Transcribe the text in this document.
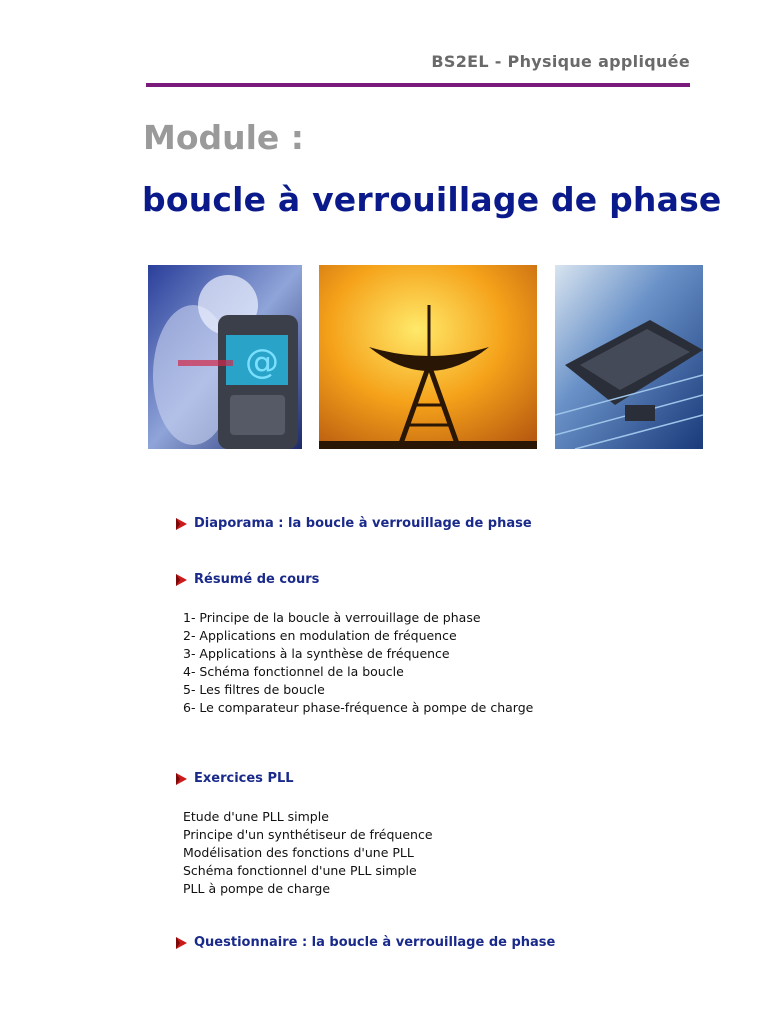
BS2EL - Physique appliquée
Module :
boucle à verrouillage de phase
@
Diaporama : la boucle à verrouillage de phase
Résumé de cours
1- Principe de la boucle à verrouillage de phase
2- Applications en modulation de fréquence
3- Applications à la synthèse de fréquence
4- Schéma fonctionnel de la boucle
5- Les filtres de boucle
6- Le comparateur phase-fréquence à pompe de charge
Exercices PLL
Etude d'une PLL simple
Principe d'un synthétiseur de fréquence
Modélisation des fonctions d'une PLL
Schéma fonctionnel d'une PLL simple
PLL à pompe de charge
Questionnaire : la boucle à verrouillage de phase
